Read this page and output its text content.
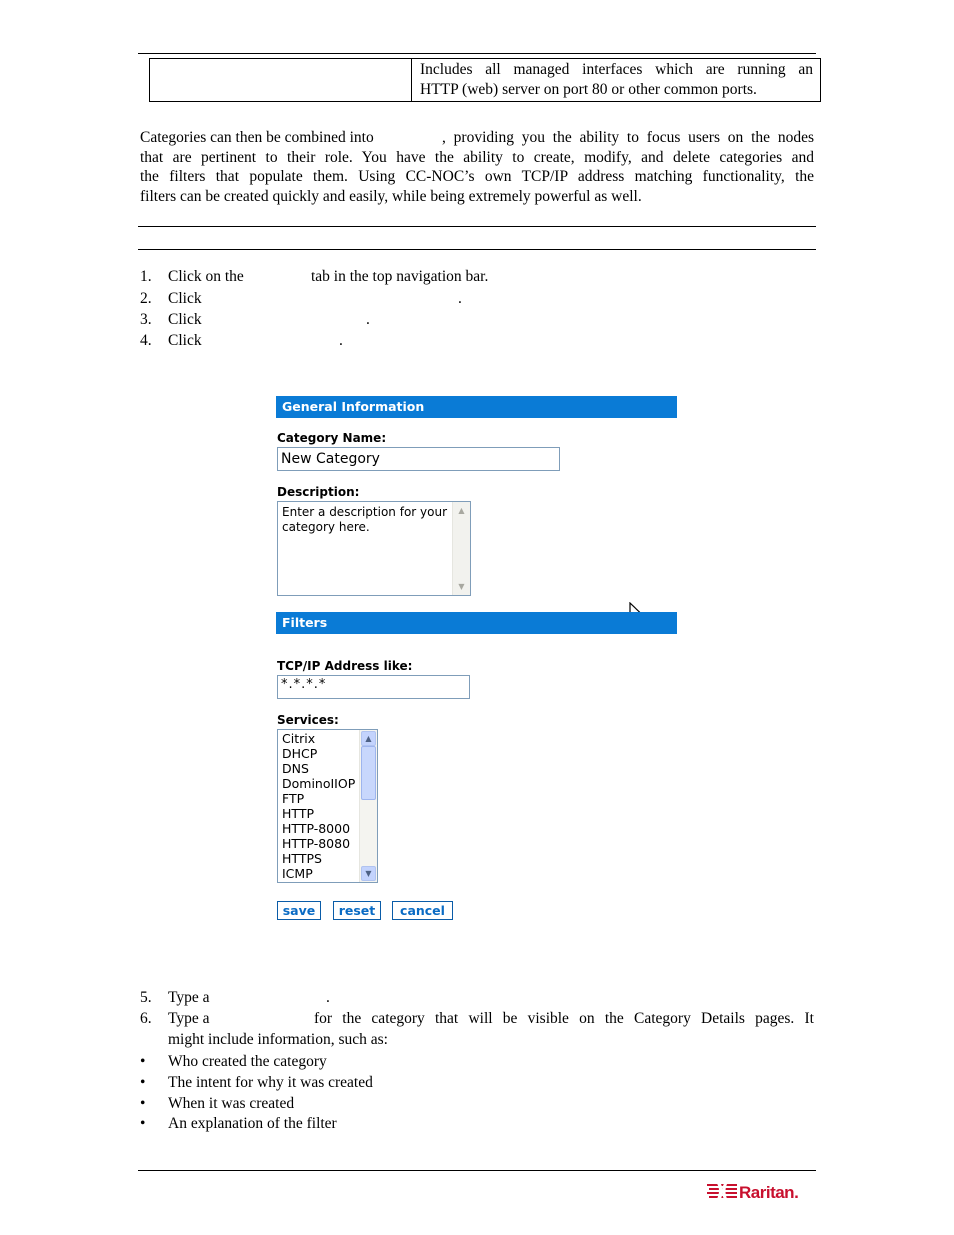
Includes all managed interfaces which are running an
HTTP (web) server on port 80 or other common ports.
Categories can then be combined into	, providing you the ability to focus users on the nodes
that are pertinent to their role. You have the ability to create, modify, and delete categories and
the filters that populate them. Using CC-NOC’s own TCP/IP address matching functionality, the
filters can be created quickly and easily, while being extremely powerful as well.
1. Click on the	tab in the top navigation bar.
2. Click	.
3. Click	.
4. Click	.
General Information
Category Name:
New Category
Description:
Enter a description for your category here.
▲
▼
Filters
TCP/IP Address like:
*.*.*.*
Services:
Citrix
DHCP
DNS
DominoIIOP
FTP
HTTP
HTTP-8000
HTTP-8080
HTTPS
ICMP
▲
▼
save	reset	cancel
5. Type a	.
6. Type a	for the category that will be visible on the Category Details pages. It
might include information, such as:
• Who created the category
• The intent for why it was created
• When it was created
• An explanation of the filter
Raritan.
